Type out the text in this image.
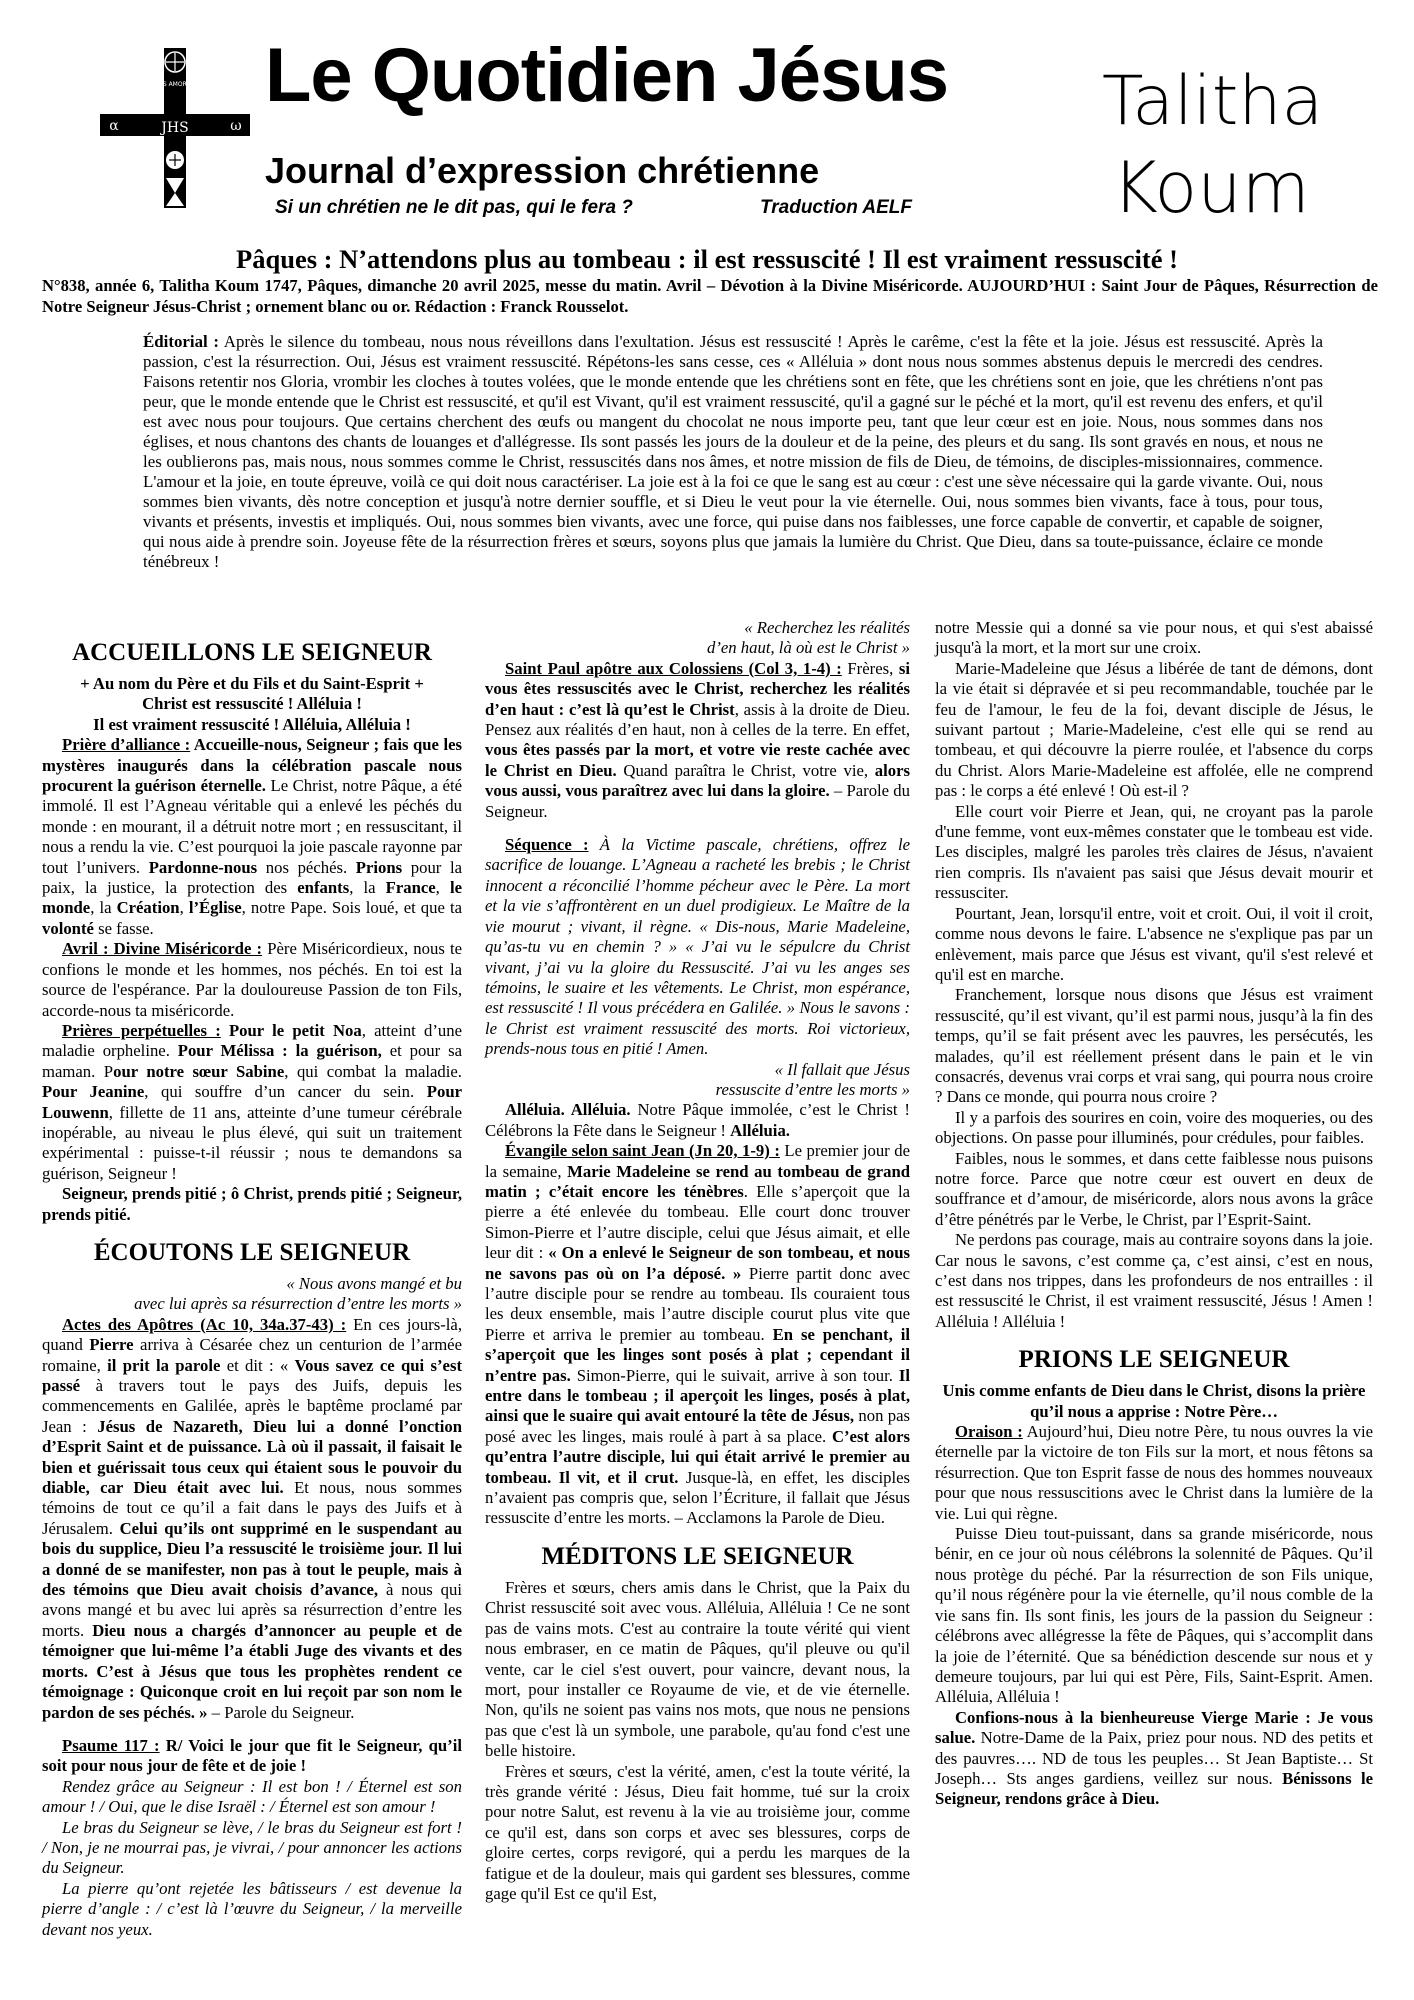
DEUS AMOR EST
JHS
α	ω
Le Quotidien Jésus
Journal d’expression chrétienne
Si un chrétien ne le dit pas, qui le fera ?	Traduction AELF
Talitha
Koum
Pâques : N’attendons plus au tombeau : il est ressuscité ! Il est vraiment ressuscité !
N°838, année 6, Talitha Koum 1747, Pâques, dimanche 20 avril 2025, messe du matin. Avril – Dévotion à la Divine Miséricorde. AUJOURD’HUI : Saint Jour de Pâques, Résurrection de Notre Seigneur Jésus-Christ ; ornement blanc ou or. Rédaction : Franck Rousselot.

Éditorial : Après le silence du tombeau, nous nous réveillons dans l'exultation. Jésus est ressuscité ! Après le carême, c'est la fête et la joie. Jésus est ressuscité. Après la passion, c'est la résurrection. Oui, Jésus est vraiment ressuscité. Répétons-les sans cesse, ces « Alléluia » dont nous nous sommes abstenus depuis le mercredi des cendres. Faisons retentir nos Gloria, vrombir les cloches à toutes volées, que le monde entende que les chrétiens sont en fête, que les chrétiens sont en joie, que les chrétiens n'ont pas peur, que le monde entende que le Christ est ressuscité, et qu'il est Vivant, qu'il est vraiment ressuscité, qu'il a gagné sur le péché et la mort, qu'il est revenu des enfers, et qu'il est avec nous pour toujours. Que certains cherchent des œufs ou mangent du chocolat ne nous importe peu, tant que leur cœur est en joie. Nous, nous sommes dans nos églises, et nous chantons des chants de louanges et d'allégresse. Ils sont passés les jours de la douleur et de la peine, des pleurs et du sang. Ils sont gravés en nous, et nous ne les oublierons pas, mais nous, nous sommes comme le Christ, ressuscités dans nos âmes, et notre mission de fils de Dieu, de témoins, de disciples-missionnaires, commence. L'amour et la joie, en toute épreuve, voilà ce qui doit nous caractériser. La joie est à la foi ce que le sang est au cœur : c'est une sève nécessaire qui la garde vivante. Oui, nous sommes bien vivants, dès notre conception et jusqu'à notre dernier souffle, et si Dieu le veut pour la vie éternelle. Oui, nous sommes bien vivants, face à tous, pour tous, vivants et présents, investis et impliqués. Oui, nous sommes bien vivants, avec une force, qui puise dans nos faiblesses, une force capable de convertir, et capable de soigner, qui nous aide à prendre soin. Joyeuse fête de la résurrection frères et sœurs, soyons plus que jamais la lumière du Christ. Que Dieu, dans sa toute-puissance, éclaire ce monde ténébreux !

ACCUEILLONS LE SEIGNEUR

+ Au nom du Père et du Fils et du Saint-Esprit +

Christ est ressuscité ! Alléluia !

Il est vraiment ressuscité ! Alléluia, Alléluia !

Prière d’alliance : Accueille-nous, Seigneur ; fais que les mystères inaugurés dans la célébration pascale nous procurent la guérison éternelle. Le Christ, notre Pâque, a été immolé. Il est l’Agneau véritable qui a enlevé les péchés du monde : en mourant, il a détruit notre mort ; en ressuscitant, il nous a rendu la vie. C’est pourquoi la joie pascale rayonne par tout l’univers. Pardonne-nous nos péchés. Prions pour la paix, la justice, la protection des enfants, la France, le monde, la Création, l’Église, notre Pape. Sois loué, et que ta volonté se fasse.

Avril : Divine Miséricorde : Père Miséricordieux, nous te confions le monde et les hommes, nos péchés. En toi est la source de l'espérance. Par la douloureuse Passion de ton Fils, accorde-nous ta miséricorde.

Prières perpétuelles : Pour le petit Noa, atteint d’une maladie orpheline. Pour Mélissa : la guérison, et pour sa maman. Pour notre sœur Sabine, qui combat la maladie. Pour Jeanine, qui souffre d’un cancer du sein. Pour Louwenn, fillette de 11 ans, atteinte d’une tumeur cérébrale inopérable, au niveau le plus élevé, qui suit un traitement expérimental : puisse-t-il réussir ; nous te demandons sa guérison, Seigneur !

Seigneur, prends pitié ; ô Christ, prends pitié ; Seigneur, prends pitié.

ÉCOUTONS LE SEIGNEUR

« Nous avons mangé et bu

avec lui après sa résurrection d’entre les morts »

Actes des Apôtres (Ac 10, 34a.37-43) : En ces jours-là, quand Pierre arriva à Césarée chez un centurion de l’armée romaine, il prit la parole et dit : « Vous savez ce qui s’est passé à travers tout le pays des Juifs, depuis les commencements en Galilée, après le baptême proclamé par Jean : Jésus de Nazareth, Dieu lui a donné l’onction d’Esprit Saint et de puissance. Là où il passait, il faisait le bien et guérissait tous ceux qui étaient sous le pouvoir du diable, car Dieu était avec lui. Et nous, nous sommes témoins de tout ce qu’il a fait dans le pays des Juifs et à Jérusalem. Celui qu’ils ont supprimé en le suspendant au bois du supplice, Dieu l’a ressuscité le troisième jour. Il lui a donné de se manifester, non pas à tout le peuple, mais à des témoins que Dieu avait choisis d’avance, à nous qui avons mangé et bu avec lui après sa résurrection d’entre les morts. Dieu nous a chargés d’annoncer au peuple et de témoigner que lui-même l’a établi Juge des vivants et des morts. C’est à Jésus que tous les prophètes rendent ce témoignage : Quiconque croit en lui reçoit par son nom le pardon de ses péchés. » – Parole du Seigneur.

Psaume 117 : R/ Voici le jour que fit le Seigneur, qu’il soit pour nous jour de fête et de joie !

Rendez grâce au Seigneur : Il est bon ! / Éternel est son amour ! / Oui, que le dise Israël : / Éternel est son amour !

Le bras du Seigneur se lève, / le bras du Seigneur est fort ! / Non, je ne mourrai pas, je vivrai, / pour annoncer les actions du Seigneur.

La pierre qu’ont rejetée les bâtisseurs / est devenue la pierre d’angle : / c’est là l’œuvre du Seigneur, / la merveille devant nos yeux.

« Recherchez les réalités

d’en haut, là où est le Christ »

Saint Paul apôtre aux Colossiens (Col 3, 1-4) : Frères, si vous êtes ressuscités avec le Christ, recherchez les réalités d’en haut : c’est là qu’est le Christ, assis à la droite de Dieu. Pensez aux réalités d’en haut, non à celles de la terre. En effet, vous êtes passés par la mort, et votre vie reste cachée avec le Christ en Dieu. Quand paraîtra le Christ, votre vie, alors vous aussi, vous paraîtrez avec lui dans la gloire. – Parole du Seigneur.

Séquence : À la Victime pascale, chrétiens, offrez le sacrifice de louange. L’Agneau a racheté les brebis ; le Christ innocent a réconcilié l’homme pécheur avec le Père. La mort et la vie s’affrontèrent en un duel prodigieux. Le Maître de la vie mourut ; vivant, il règne. « Dis-nous, Marie Madeleine, qu’as-tu vu en chemin ? » « J’ai vu le sépulcre du Christ vivant, j’ai vu la gloire du Ressuscité. J’ai vu les anges ses témoins, le suaire et les vêtements. Le Christ, mon espérance, est ressuscité ! Il vous précédera en Galilée. » Nous le savons : le Christ est vraiment ressuscité des morts. Roi victorieux, prends-nous tous en pitié ! Amen.

« Il fallait que Jésus

ressuscite d’entre les morts »

Alléluia. Alléluia. Notre Pâque immolée, c’est le Christ ! Célébrons la Fête dans le Seigneur ! Alléluia.

Évangile selon saint Jean (Jn 20, 1-9) : Le premier jour de la semaine, Marie Madeleine se rend au tombeau de grand matin ; c’était encore les ténèbres. Elle s’aperçoit que la pierre a été enlevée du tombeau. Elle court donc trouver Simon-Pierre et l’autre disciple, celui que Jésus aimait, et elle leur dit : « On a enlevé le Seigneur de son tombeau, et nous ne savons pas où on l’a déposé. » Pierre partit donc avec l’autre disciple pour se rendre au tombeau. Ils couraient tous les deux ensemble, mais l’autre disciple courut plus vite que Pierre et arriva le premier au tombeau. En se penchant, il s’aperçoit que les linges sont posés à plat ; cependant il n’entre pas. Simon-Pierre, qui le suivait, arrive à son tour. Il entre dans le tombeau ; il aperçoit les linges, posés à plat, ainsi que le suaire qui avait entouré la tête de Jésus, non pas posé avec les linges, mais roulé à part à sa place. C’est alors qu’entra l’autre disciple, lui qui était arrivé le premier au tombeau. Il vit, et il crut. Jusque-là, en effet, les disciples n’avaient pas compris que, selon l’Écriture, il fallait que Jésus ressuscite d’entre les morts. – Acclamons la Parole de Dieu.

MÉDITONS LE SEIGNEUR

Frères et sœurs, chers amis dans le Christ, que la Paix du Christ ressuscité soit avec vous. Alléluia, Alléluia ! Ce ne sont pas de vains mots. C'est au contraire la toute vérité qui vient nous embraser, en ce matin de Pâques, qu'il pleuve ou qu'il vente, car le ciel s'est ouvert, pour vaincre, devant nous, la mort, pour installer ce Royaume de vie, et de vie éternelle. Non, qu'ils ne soient pas vains nos mots, que nous ne pensions pas que c'est là un symbole, une parabole, qu'au fond c'est une belle histoire.

Frères et sœurs, c'est la vérité, amen, c'est la toute vérité, la très grande vérité : Jésus, Dieu fait homme, tué sur la croix pour notre Salut, est revenu à la vie au troisième jour, comme ce qu'il est, dans son corps et avec ses blessures, corps de gloire certes, corps revigoré, qui a perdu les marques de la fatigue et de la douleur, mais qui gardent ses blessures, comme gage qu'il Est ce qu'il Est,

notre Messie qui a donné sa vie pour nous, et qui s'est abaissé jusqu'à la mort, et la mort sur une croix.

Marie-Madeleine que Jésus a libérée de tant de démons, dont la vie était si dépravée et si peu recommandable, touchée par le feu de l'amour, le feu de la foi, devant disciple de Jésus, le suivant partout ; Marie-Madeleine, c'est elle qui se rend au tombeau, et qui découvre la pierre roulée, et l'absence du corps du Christ. Alors Marie-Madeleine est affolée, elle ne comprend pas : le corps a été enlevé ! Où est-il ?

Elle court voir Pierre et Jean, qui, ne croyant pas la parole d'une femme, vont eux-mêmes constater que le tombeau est vide. Les disciples, malgré les paroles très claires de Jésus, n'avaient rien compris. Ils n'avaient pas saisi que Jésus devait mourir et ressusciter.

Pourtant, Jean, lorsqu'il entre, voit et croit. Oui, il voit il croit, comme nous devons le faire. L'absence ne s'explique pas par un enlèvement, mais parce que Jésus est vivant, qu'il s'est relevé et qu'il est en marche.

Franchement, lorsque nous disons que Jésus est vraiment ressuscité, qu’il est vivant, qu’il est parmi nous, jusqu’à la fin des temps, qu’il se fait présent avec les pauvres, les persécutés, les malades, qu’il est réellement présent dans le pain et le vin consacrés, devenus vrai corps et vrai sang, qui pourra nous croire ? Dans ce monde, qui pourra nous croire ?

Il y a parfois des sourires en coin, voire des moqueries, ou des objections. On passe pour illuminés, pour crédules, pour faibles.

Faibles, nous le sommes, et dans cette faiblesse nous puisons notre force. Parce que notre cœur est ouvert en deux de souffrance et d’amour, de miséricorde, alors nous avons la grâce d’être pénétrés par le Verbe, le Christ, par l’Esprit-Saint.

Ne perdons pas courage, mais au contraire soyons dans la joie. Car nous le savons, c’est comme ça, c’est ainsi, c’est en nous, c’est dans nos trippes, dans les profondeurs de nos entrailles : il est ressuscité le Christ, il est vraiment ressuscité, Jésus ! Amen ! Alléluia ! Alléluia !

PRIONS LE SEIGNEUR

Unis comme enfants de Dieu dans le Christ, disons la prière qu’il nous a apprise : Notre Père…

Oraison : Aujourd’hui, Dieu notre Père, tu nous ouvres la vie éternelle par la victoire de ton Fils sur la mort, et nous fêtons sa résurrection. Que ton Esprit fasse de nous des hommes nouveaux pour que nous ressuscitions avec le Christ dans la lumière de la vie. Lui qui règne.

Puisse Dieu tout-puissant, dans sa grande miséricorde, nous bénir, en ce jour où nous célébrons la solennité de Pâques. Qu’il nous protège du péché. Par la résurrection de son Fils unique, qu’il nous régénère pour la vie éternelle, qu’il nous comble de la vie sans fin. Ils sont finis, les jours de la passion du Seigneur : célébrons avec allégresse la fête de Pâques, qui s’accomplit dans la joie de l’éternité. Que sa bénédiction descende sur nous et y demeure toujours, par lui qui est Père, Fils, Saint-Esprit. Amen. Alléluia, Alléluia !

Confions-nous à la bienheureuse Vierge Marie : Je vous salue. Notre-Dame de la Paix, priez pour nous. ND des petits et des pauvres…. ND de tous les peuples… St Jean Baptiste… St Joseph… Sts anges gardiens, veillez sur nous. Bénissons le Seigneur, rendons grâce à Dieu.
